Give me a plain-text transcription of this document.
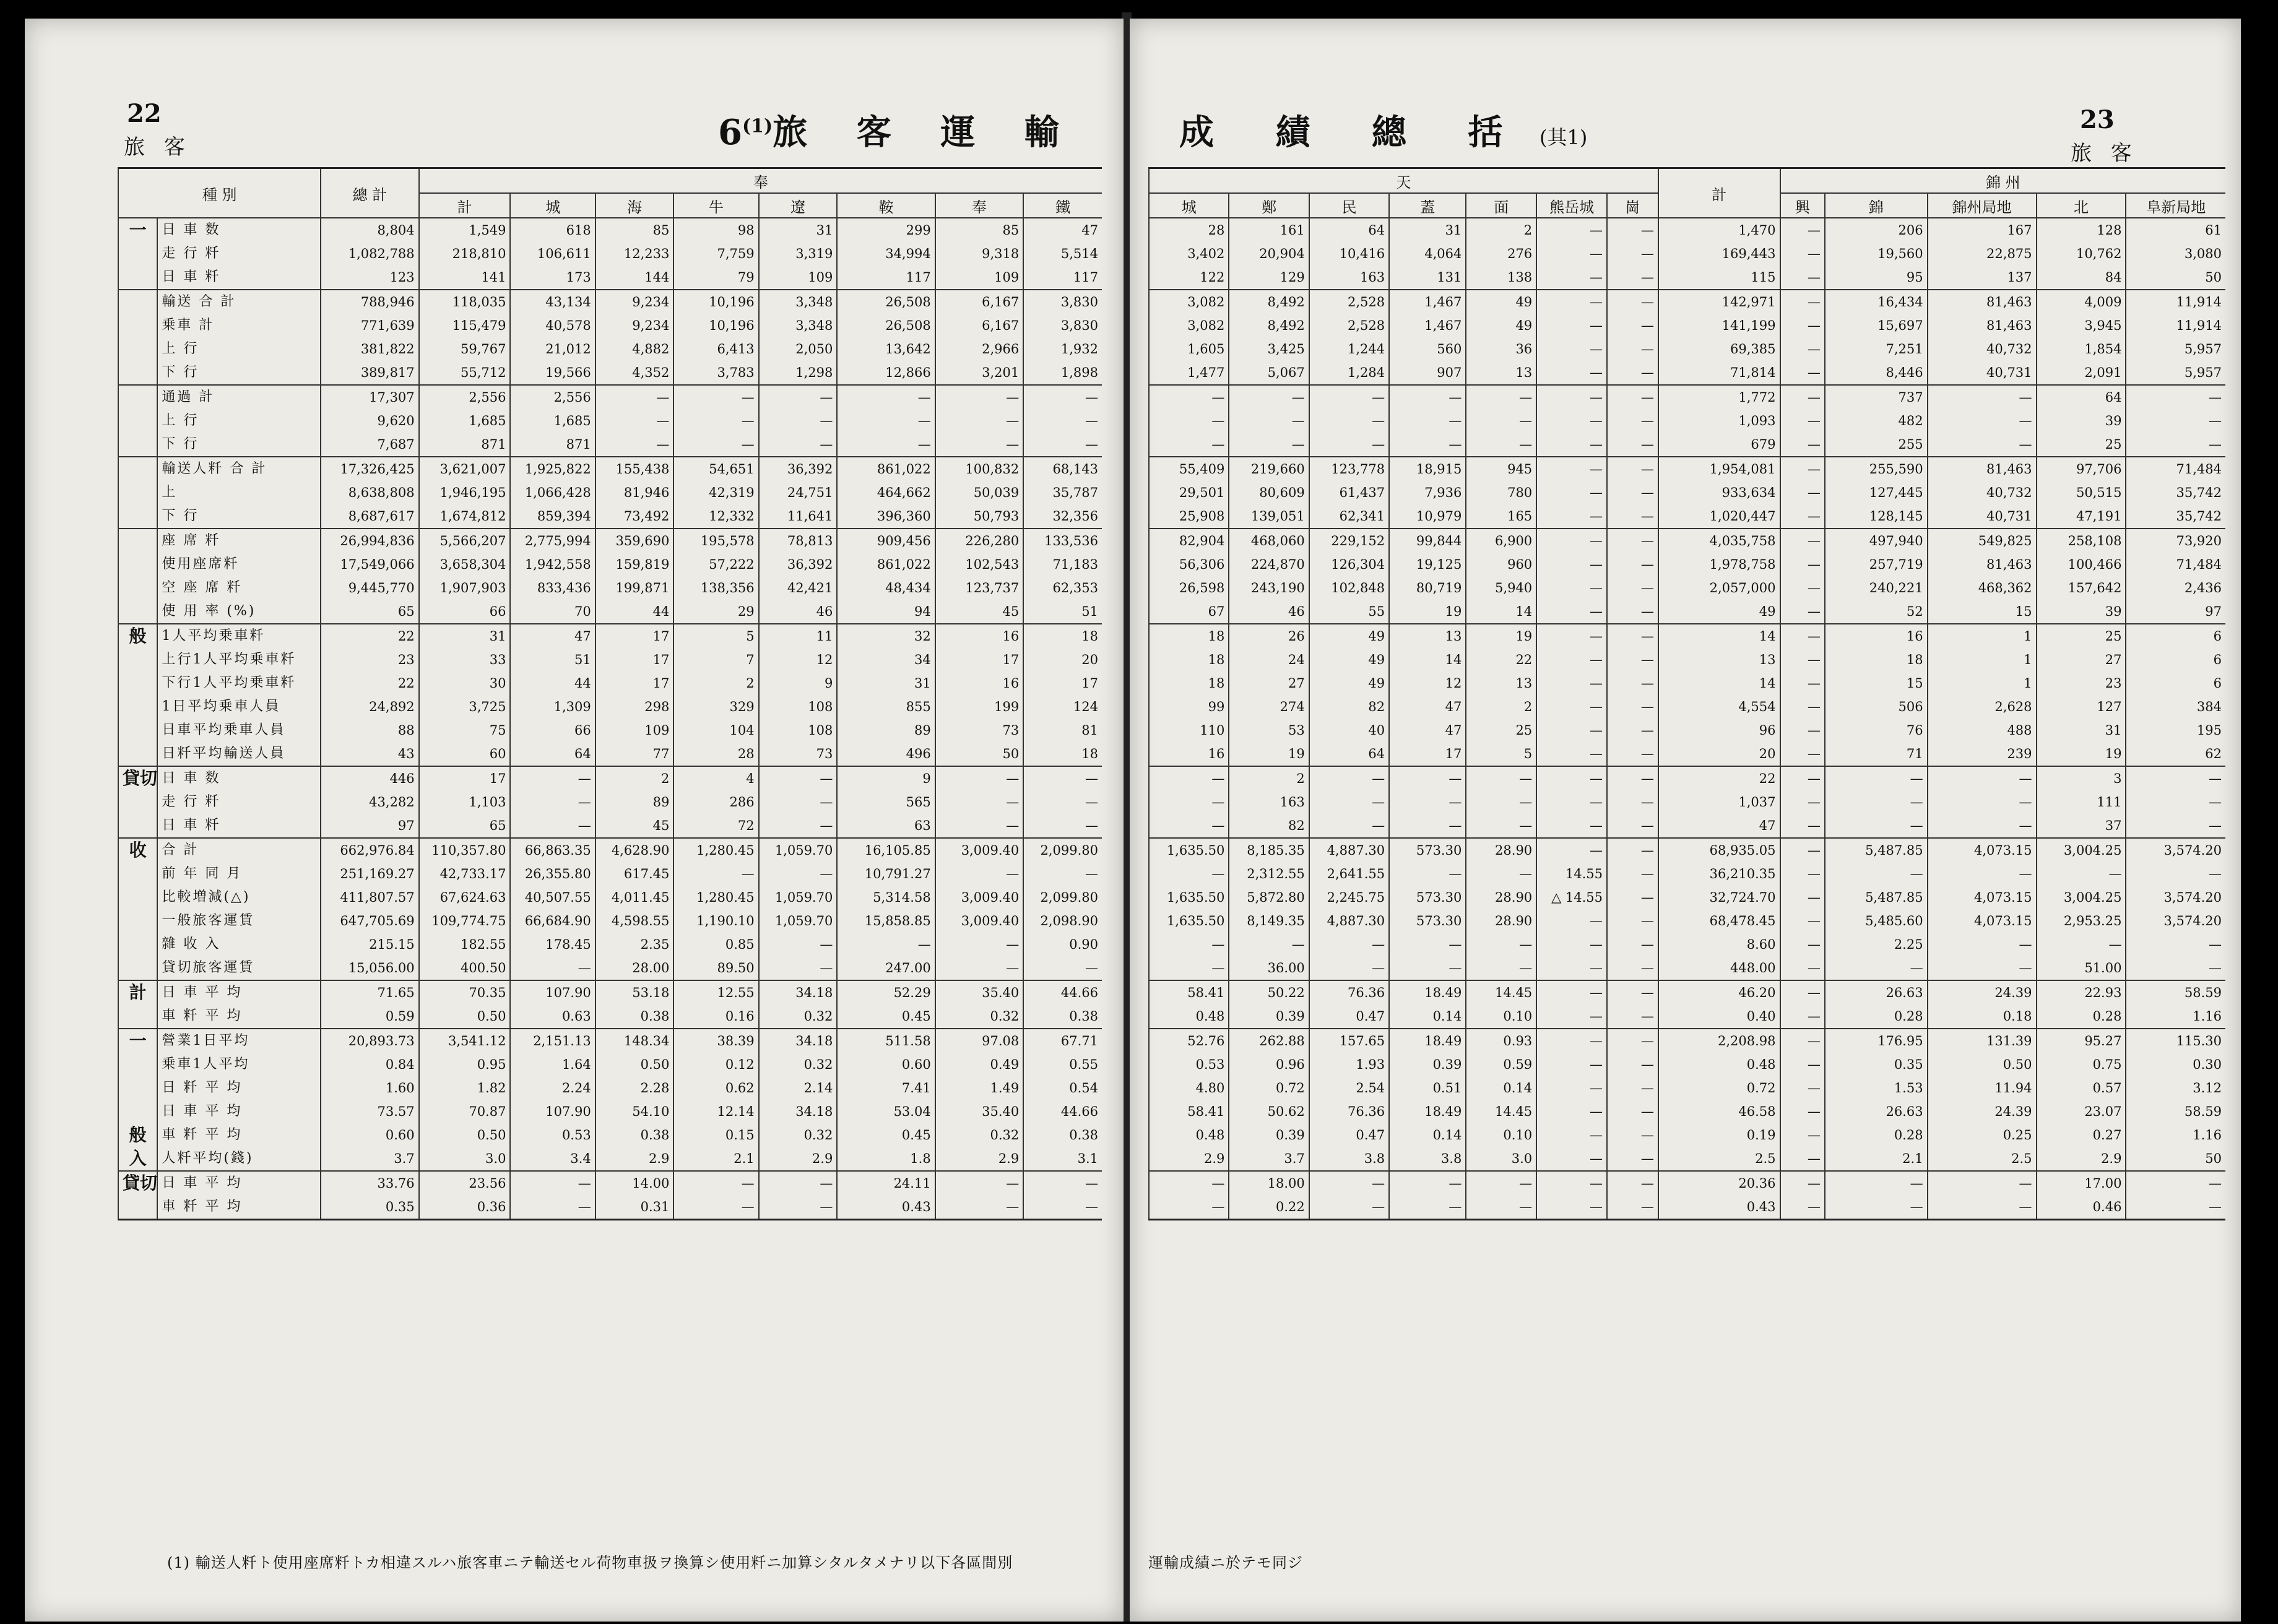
22
旅 客	6$^{(1)}$旅 客 運 輸
種 別		總 計	奉							
			計	城	海	牛	遼	鞍	奉	鐵
一	日 車 数	8,804	1,549	618	85	98	31	299	85	47
	走 行 粁	1,082,788	218,810	106,611	12,233	7,759	3,319	34,994	9,318	5,514
	日 車 粁	123	141	173	144	79	109	117	109	117
	輸送 合 計	788,946	118,035	43,134	9,234	10,196	3,348	26,508	6,167	3,830
	乗車 計	771,639	115,479	40,578	9,234	10,196	3,348	26,508	6,167	3,830
	上 行	381,822	59,767	21,012	4,882	6,413	2,050	13,642	2,966	1,932
	下 行	389,817	55,712	19,566	4,352	3,783	1,298	12,866	3,201	1,898
	通過 計	17,307	2,556	2,556	—	—	—	—	—	—
	上 行	9,620	1,685	1,685	—	—	—	—	—	—
	下 行	7,687	871	871	—	—	—	—	—	—
	輸送人粁 合 計	17,326,425	3,621,007	1,925,822	155,438	54,651	36,392	861,022	100,832	68,143
	上	8,638,808	1,946,195	1,066,428	81,946	42,319	24,751	464,662	50,039	35,787
	下 行	8,687,617	1,674,812	859,394	73,492	12,332	11,641	396,360	50,793	32,356
	座 席 粁	26,994,836	5,566,207	2,775,994	359,690	195,578	78,813	909,456	226,280	133,536
	使用座席粁	17,549,066	3,658,304	1,942,558	159,819	57,222	36,392	861,022	102,543	71,183
	空 座 席 粁	9,445,770	1,907,903	833,436	199,871	138,356	42,421	48,434	123,737	62,353
	使 用 率 (%)	65	66	70	44	29	46	94	45	51
般	1人平均乗車粁	22	31	47	17	5	11	32	16	18
	上行1人平均乗車粁	23	33	51	17	7	12	34	17	20
	下行1人平均乗車粁	22	30	44	17	2	9	31	16	17
	1日平均乗車人員	24,892	3,725	1,309	298	329	108	855	199	124
	日車平均乗車人員	88	75	66	109	104	108	89	73	81
	日粁平均輸送人員	43	60	64	77	28	73	496	50	18
貸切	日 車 数	446	17	—	2	4	—	9	—	—
	走 行 粁	43,282	1,103	—	89	286	—	565	—	—
	日 車 粁	97	65	—	45	72	—	63	—	—
收	合 計	662,976.84	110,357.80	66,863.35	4,628.90	1,280.45	1,059.70	16,105.85	3,009.40	2,099.80
	前 年 同 月	251,169.27	42,733.17	26,355.80	617.45	—	—	10,791.27	—	—
	比較増減(△)	411,807.57	67,624.63	40,507.55	4,011.45	1,280.45	1,059.70	5,314.58	3,009.40	2,099.80
	一般旅客運賃	647,705.69	109,774.75	66,684.90	4,598.55	1,190.10	1,059.70	15,858.85	3,009.40	2,098.90
	雜 收 入	215.15	182.55	178.45	2.35	0.85	—	—	—	0.90
	貸切旅客運賃	15,056.00	400.50	—	28.00	89.50	—	247.00	—	—
計	日 車 平 均	71.65	70.35	107.90	53.18	12.55	34.18	52.29	35.40	44.66
	車 粁 平 均	0.59	0.50	0.63	0.38	0.16	0.32	0.45	0.32	0.38
一	營業1日平均	20,893.73	3,541.12	2,151.13	148.34	38.39	34.18	511.58	97.08	67.71
	乗車1人平均	0.84	0.95	1.64	0.50	0.12	0.32	0.60	0.49	0.55
	日 粁 平 均	1.60	1.82	2.24	2.28	0.62	2.14	7.41	1.49	0.54
	日 車 平 均	73.57	70.87	107.90	54.10	12.14	34.18	53.04	35.40	44.66
般	車 粁 平 均	0.60	0.50	0.53	0.38	0.15	0.32	0.45	0.32	0.38
入	人粁平均(錢)	3.7	3.0	3.4	2.9	2.1	2.9	1.8	2.9	3.1
貸切	日 車 平 均	33.76	23.56	—	14.00	—	—	24.11	—	—
	車 粁 平 均	0.35	0.36	—	0.31	—	—	0.43	—	—
(1) 輸送人粁ト使用座席粁トカ相違スルハ旅客車ニテ輸送セル荷物車扱ヲ換算シ使用粁ニ加算シタルタメナリ以下各區間別
23
旅 客
成 績 總 括 (其1)
天							計	錦 州				
城	鄭	民	蓋	面	熊岳城	崗		興	錦	錦州局地	北	阜新局地
28	161	64	31	2	—	—	1,470	—	206	167	128	61
3,402	20,904	10,416	4,064	276	—	—	169,443	—	19,560	22,875	10,762	3,080
122	129	163	131	138	—	—	115	—	95	137	84	50
3,082	8,492	2,528	1,467	49	—	—	142,971	—	16,434	81,463	4,009	11,914
3,082	8,492	2,528	1,467	49	—	—	141,199	—	15,697	81,463	3,945	11,914
1,605	3,425	1,244	560	36	—	—	69,385	—	7,251	40,732	1,854	5,957
1,477	5,067	1,284	907	13	—	—	71,814	—	8,446	40,731	2,091	5,957
—	—	—	—	—	—	—	1,772	—	737	—	64	—
—	—	—	—	—	—	—	1,093	—	482	—	39	—
—	—	—	—	—	—	—	679	—	255	—	25	—
55,409	219,660	123,778	18,915	945	—	—	1,954,081	—	255,590	81,463	97,706	71,484
29,501	80,609	61,437	7,936	780	—	—	933,634	—	127,445	40,732	50,515	35,742
25,908	139,051	62,341	10,979	165	—	—	1,020,447	—	128,145	40,731	47,191	35,742
82,904	468,060	229,152	99,844	6,900	—	—	4,035,758	—	497,940	549,825	258,108	73,920
56,306	224,870	126,304	19,125	960	—	—	1,978,758	—	257,719	81,463	100,466	71,484
26,598	243,190	102,848	80,719	5,940	—	—	2,057,000	—	240,221	468,362	157,642	2,436
67	46	55	19	14	—	—	49	—	52	15	39	97
18	26	49	13	19	—	—	14	—	16	1	25	6
18	24	49	14	22	—	—	13	—	18	1	27	6
18	27	49	12	13	—	—	14	—	15	1	23	6
99	274	82	47	2	—	—	4,554	—	506	2,628	127	384
110	53	40	47	25	—	—	96	—	76	488	31	195
16	19	64	17	5	—	—	20	—	71	239	19	62
—	2	—	—	—	—	—	22	—	—	—	3	—
—	163	—	—	—	—	—	1,037	—	—	—	111	—
—	82	—	—	—	—	—	47	—	—	—	37	—
1,635.50	8,185.35	4,887.30	573.30	28.90	—	—	68,935.05	—	5,487.85	4,073.15	3,004.25	3,574.20
—	2,312.55	2,641.55	—	—	14.55	—	36,210.35	—	—	—	—	—
1,635.50	5,872.80	2,245.75	573.30	28.90	△ 14.55	—	32,724.70	—	5,487.85	4,073.15	3,004.25	3,574.20
1,635.50	8,149.35	4,887.30	573.30	28.90	—	—	68,478.45	—	5,485.60	4,073.15	2,953.25	3,574.20
—	—	—	—	—	—	—	8.60	—	2.25	—	—	—
—	36.00	—	—	—	—	—	448.00	—	—	—	51.00	—
58.41	50.22	76.36	18.49	14.45	—	—	46.20	—	26.63	24.39	22.93	58.59
0.48	0.39	0.47	0.14	0.10	—	—	0.40	—	0.28	0.18	0.28	1.16
52.76	262.88	157.65	18.49	0.93	—	—	2,208.98	—	176.95	131.39	95.27	115.30
0.53	0.96	1.93	0.39	0.59	—	—	0.48	—	0.35	0.50	0.75	0.30
4.80	0.72	2.54	0.51	0.14	—	—	0.72	—	1.53	11.94	0.57	3.12
58.41	50.62	76.36	18.49	14.45	—	—	46.58	—	26.63	24.39	23.07	58.59
0.48	0.39	0.47	0.14	0.10	—	—	0.19	—	0.28	0.25	0.27	1.16
2.9	3.7	3.8	3.8	3.0	—	—	2.5	—	2.1	2.5	2.9	50
—	18.00	—	—	—	—	—	20.36	—	—	—	17.00	—
—	0.22	—	—	—	—	—	0.43	—	—	—	0.46	—
運輸成績ニ於テモ同ジ
